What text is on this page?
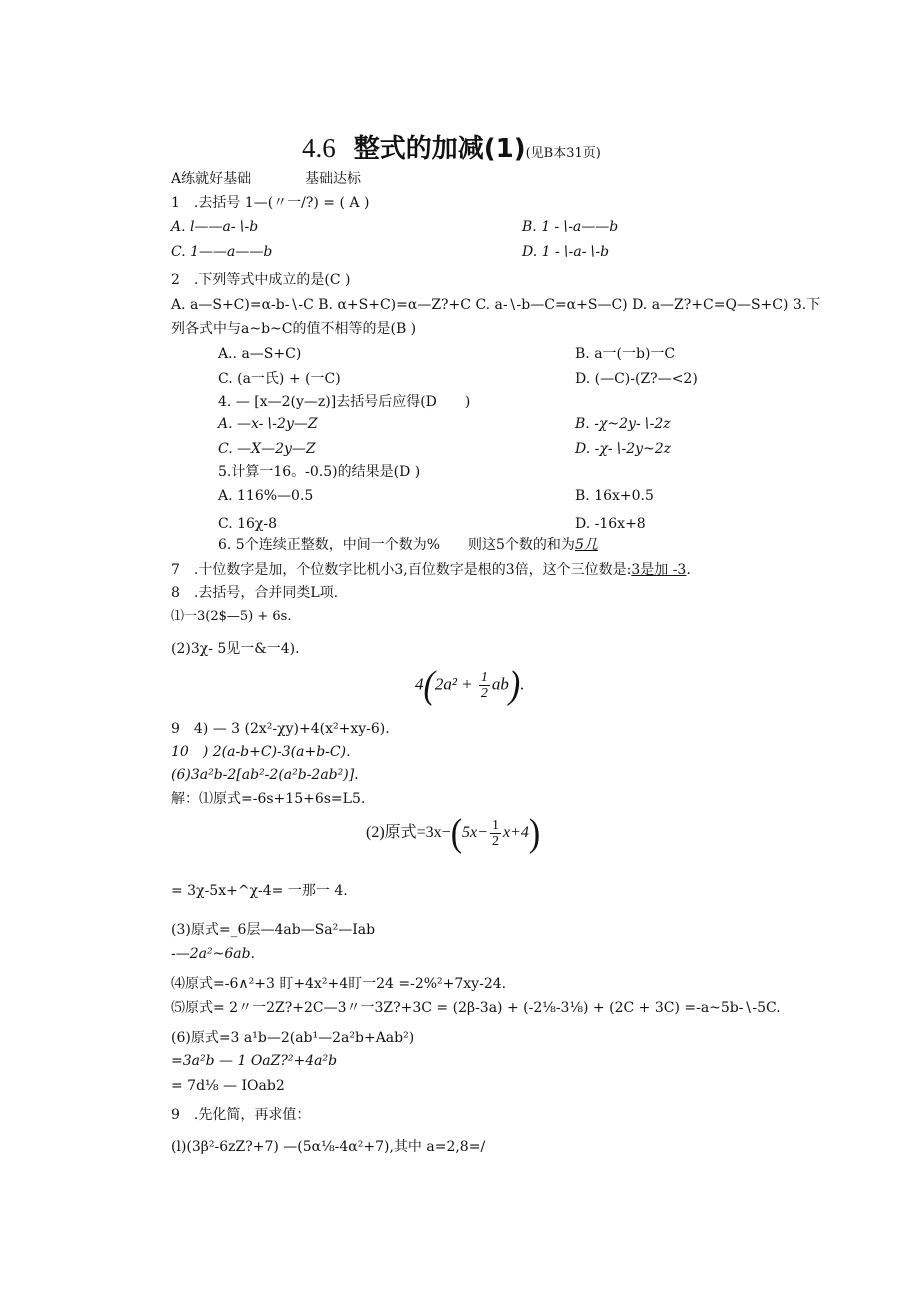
4.6 整式的加减(1)(见B本31页)
A练就好基础	基础达标
1　.去括号 1—(〃一/?) = ( A )
A. l——a-∖-b	B. 1 -∖-a——b
C. 1——a——b	D. 1 -∖-a-∖-b
2　.下列等式中成立的是(C )
A. a—S+C)=α-b-∖-C B. α+S+C)=α—Z?+C C. a-∖-b—C=α+S—C) D. a—Z?+C=Q—S+C) 3.下
列各式中与a~b~C的值不相等的是(B )
A.. a—S+C)	B. a一(一b)一C
C. (a一氏) + (一C)	D. (—C)-(Z?—<2)
4. — [x—2(y—z)]去括号后应得(D　　)
A. —x-∖-2y—Z	B. -χ~2y-∖-2z
C. —X—2y—Z	D. -χ-∖-2y~2z
5.计算一16。-0.5)的结果是(D )
A. 116%—0.5	B. 16x+0.5
C. 16χ-8	D. -16x+8
6. 5个连续正整数，中间一个数为%　　则这5个数的和为5几
7　.十位数字是加，个位数字比机小3,百位数字是根的3倍，这个三位数是:3是加 -3.
8　.去括号，合并同类L项.
⑴一3(2$—5) + 6s.
(2)3χ- 5见一&一4).
$4(2a^2 + \frac{1}{2} ab)$.
9　4) — 3 (2x²-χy)+4(x²+xy-6).
10　) 2(a-b+C)-3(a+b-C).
(6)3a²b-2[ab²-2(a²b-2ab²)].
解：⑴原式=-6s+15+6s=L5.
(2)原式$=3x-(5x- \frac{1}{2} x+4)$
= 3χ-5x+^χ-4= 一那一 4.
(3)原式=_6层—4ab—Sa²—Iab
-—2a²~6ab.
⑷原式=-6∧²+3 盯+4x²+4盯一24 =-2%²+7xy-24.
⑸原式= 2〃一2Z?+2C—3〃一3Z?+3C = (2β-3a) + (-2⅛-3⅛) + (2C + 3C) =-a~5b-∖-5C.
(6)原式=3 a¹b—2(ab¹—2a²b+Aab²)
=3a²b — 1 OaZ?²+4a²b
= 7d⅛ — IOab2
9　.先化简，再求值：
(l)(3β²-6zZ?+7) —(5α⅛-4α²+7),其中 a=2,8=/
